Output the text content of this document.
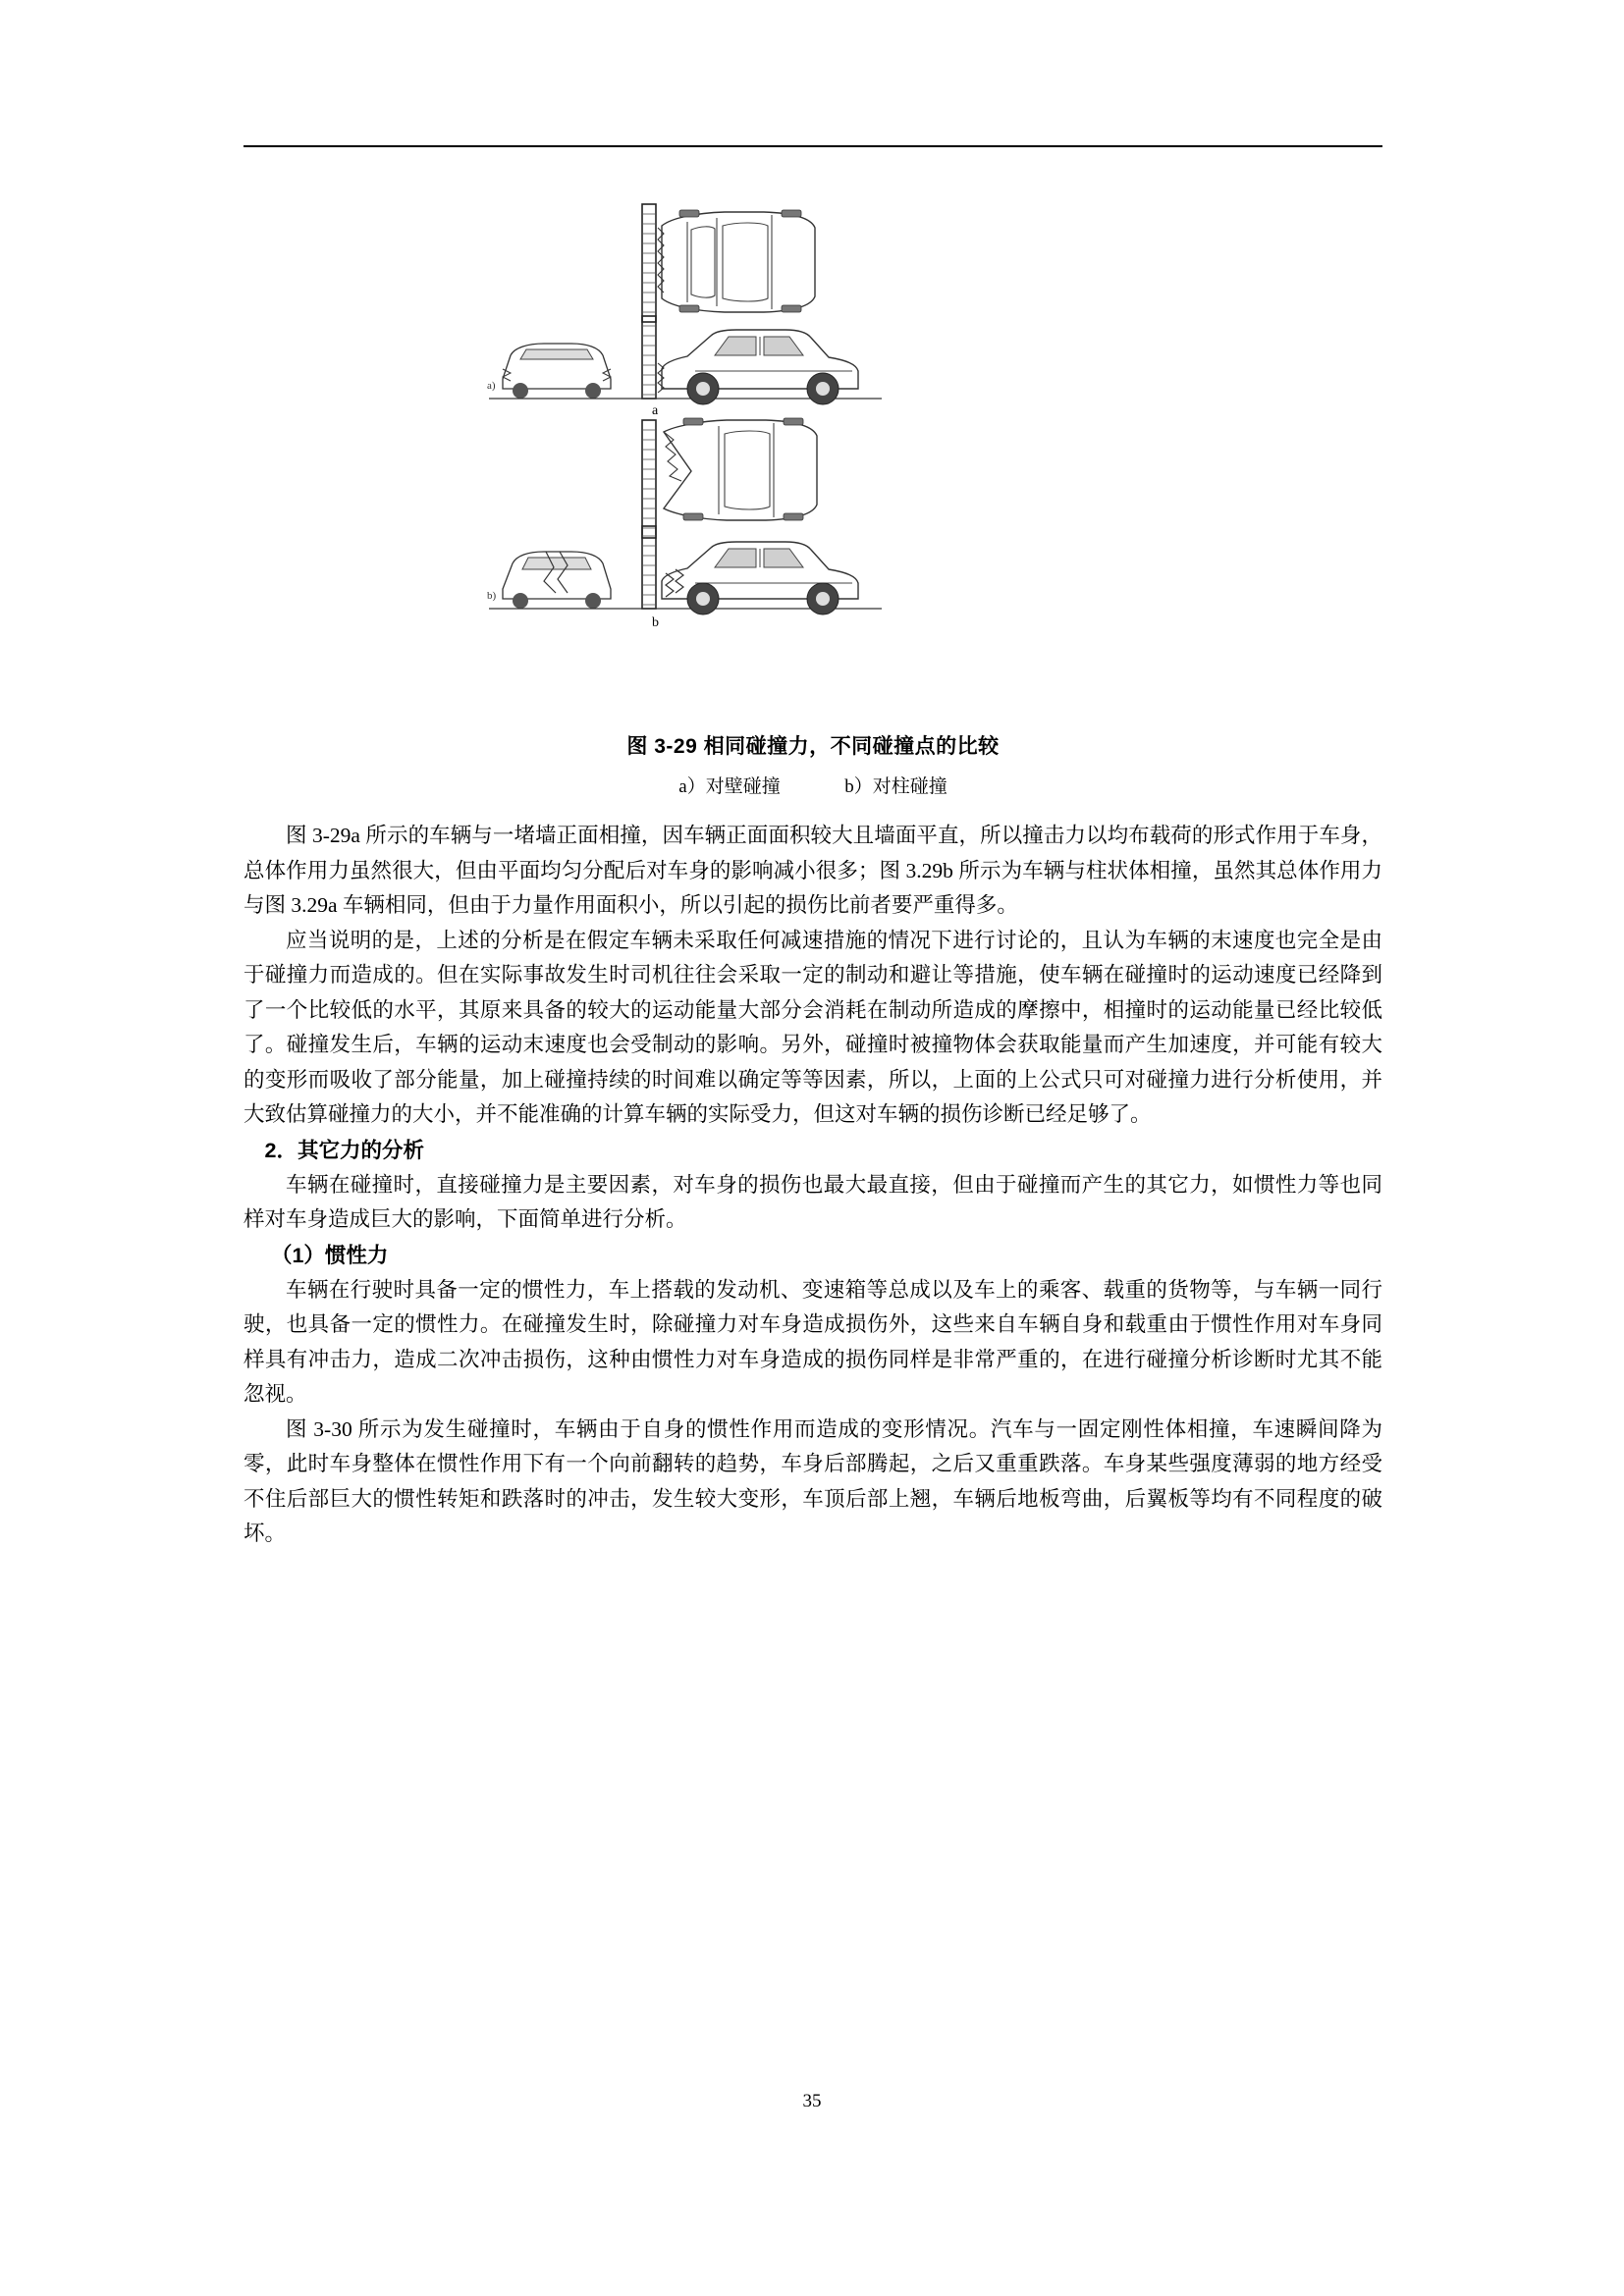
a)
a
b)
b
图 3-29 相同碰撞力，不同碰撞点的比较
a）对壁碰撞	b）对柱碰撞

图 3-29a 所示的车辆与一堵墙正面相撞，因车辆正面面积较大且墙面平直，所以撞击力以均布载荷的形式作用于车身，总体作用力虽然很大，但由平面均匀分配后对车身的影响减小很多；图 3.29b 所示为车辆与柱状体相撞，虽然其总体作用力与图 3.29a 车辆相同，但由于力量作用面积小，所以引起的损伤比前者要严重得多。

应当说明的是，上述的分析是在假定车辆未采取任何减速措施的情况下进行讨论的，且认为车辆的末速度也完全是由于碰撞力而造成的。但在实际事故发生时司机往往会采取一定的制动和避让等措施，使车辆在碰撞时的运动速度已经降到了一个比较低的水平，其原来具备的较大的运动能量大部分会消耗在制动所造成的摩擦中，相撞时的运动能量已经比较低了。碰撞发生后，车辆的运动末速度也会受制动的影响。另外，碰撞时被撞物体会获取能量而产生加速度，并可能有较大的变形而吸收了部分能量，加上碰撞持续的时间难以确定等等因素，所以，上面的上公式只可对碰撞力进行分析使用，并大致估算碰撞力的大小，并不能准确的计算车辆的实际受力，但这对车辆的损伤诊断已经足够了。

2．其它力的分析

车辆在碰撞时，直接碰撞力是主要因素，对车身的损伤也最大最直接，但由于碰撞而产生的其它力，如惯性力等也同样对车身造成巨大的影响，下面简单进行分析。

（1）惯性力

车辆在行驶时具备一定的惯性力，车上搭载的发动机、变速箱等总成以及车上的乘客、载重的货物等，与车辆一同行驶，也具备一定的惯性力。在碰撞发生时，除碰撞力对车身造成损伤外，这些来自车辆自身和载重由于惯性作用对车身同样具有冲击力，造成二次冲击损伤，这种由惯性力对车身造成的损伤同样是非常严重的，在进行碰撞分析诊断时尤其不能忽视。

图 3-30 所示为发生碰撞时，车辆由于自身的惯性作用而造成的变形情况。汽车与一固定刚性体相撞，车速瞬间降为零，此时车身整体在惯性作用下有一个向前翻转的趋势，车身后部腾起，之后又重重跌落。车身某些强度薄弱的地方经受不住后部巨大的惯性转矩和跌落时的冲击，发生较大变形，车顶后部上翘，车辆后地板弯曲，后翼板等均有不同程度的破坏。

35
